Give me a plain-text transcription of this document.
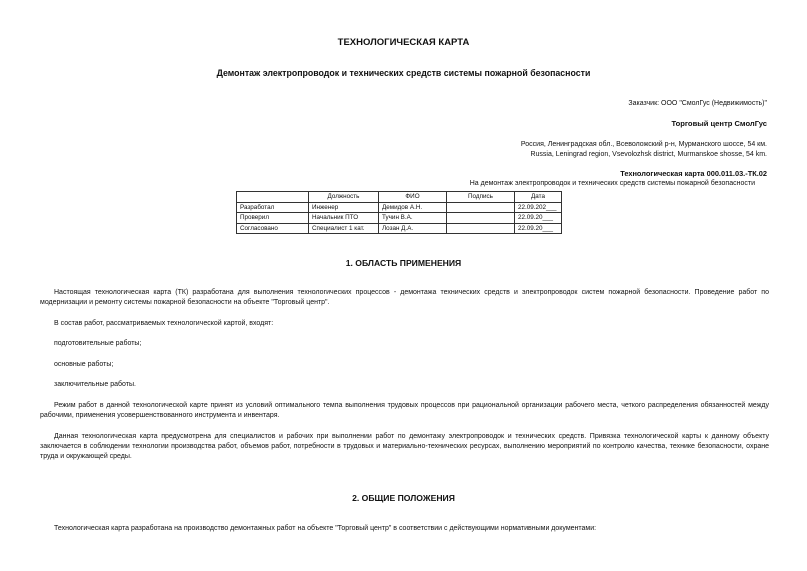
ТЕХНОЛОГИЧЕСКАЯ КАРТА
Демонтаж электропроводок и технических средств системы пожарной безопасности
Заказчик: ООО "СмолГус (Недвижимость)"
Торговый центр СмолГус
Россия, Ленинградская обл., Всеволожский р-н, Мурманского шоссе, 54 км.
Russia, Leningrad region, Vsevolozhsk district, Murmanskoe shosse, 54 km.
Технологическая карта 000.011.03.-ТК.02
На демонтаж электропроводок и технических средств системы пожарной безопасности
	Должность	ФИО	Подпись	Дата
Разработал	Инженер	Демидов А.Н.		22.09.202___
Проверил	Начальник ПТО	Тучин В.А.		22.09.20___
Согласовано	Специалист 1 кат.	Лозан Д.А.		22.09.20___
1. ОБЛАСТЬ ПРИМЕНЕНИЯ
Настоящая технологическая карта (ТК) разработана для выполнения технологических процессов - демонтажа технических средств и электропроводок систем пожарной безопасности. Проведение работ по модернизации и ремонту системы пожарной безопасности на объекте "Торговый центр".
В состав работ, рассматриваемых технологической картой, входят:
подготовительные работы;
основные работы;
заключительные работы.
Режим работ в данной технологической карте принят из условий оптимального темпа выполнения трудовых процессов при рациональной организации рабочего места, четкого распределения обязанностей между рабочими, применения усовершенствованного инструмента и инвентаря.
Данная технологическая карта предусмотрена для специалистов и рабочих при выполнении работ по демонтажу электропроводок и технических средств. Привязка технологической карты к данному объекту заключается в соблюдении технологии производства работ, объемов работ, потребности в трудовых и материально-технических ресурсах, выполнению мероприятий по контролю качества, технике безопасности, охране труда и окружающей среды.
2. ОБЩИЕ ПОЛОЖЕНИЯ
Технологическая карта разработана на производство демонтажных работ на объекте "Торговый центр" в соответствии с действующими нормативными документами:
